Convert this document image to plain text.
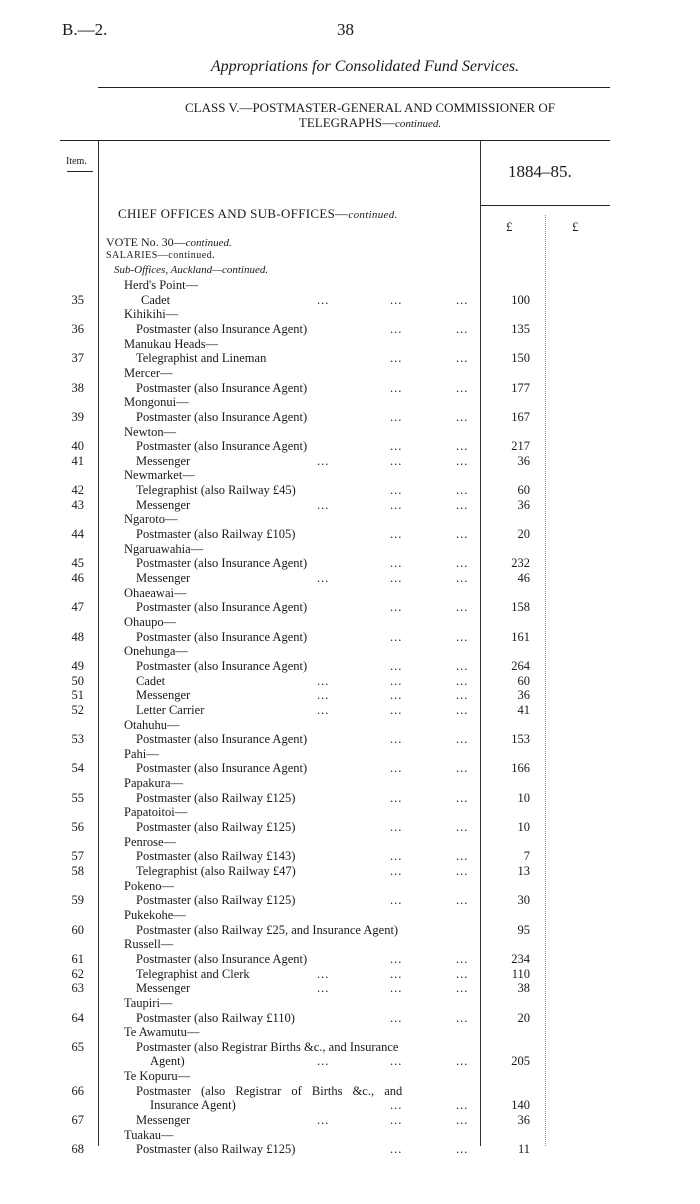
B.—2.	38
Appropriations for Consolidated Fund Services.
CLASS V.—POSTMASTER-GENERAL AND COMMISSIONER OF
TELEGRAPHS—continued.
Item.
1884–85.
£	£
CHIEF OFFICES AND SUB-OFFICES—continued.
VOTE No. 30—continued.
SALARIES—continued.
Sub-Offices, Auckland—continued.
Herd's Point—
35	Cadet	...	...	...	100
Kihikihi—
36	Postmaster (also Insurance Agent)	...	...	135
Manukau Heads—
37	Telegraphist and Lineman	...	...	150
Mercer—
38	Postmaster (also Insurance Agent)	...	...	177
Mongonui—
39	Postmaster (also Insurance Agent)	...	...	167
Newton—
40	Postmaster (also Insurance Agent)	...	...	217
41	Messenger	...	...	...	36
Newmarket—
42	Telegraphist (also Railway £45)	...	...	60
43	Messenger	...	...	...	36
Ngaroto—
44	Postmaster (also Railway £105)	...	...	20
Ngaruawahia—
45	Postmaster (also Insurance Agent)	...	...	232
46	Messenger	...	...	...	46
Ohaeawai—
47	Postmaster (also Insurance Agent)	...	...	158
Ohaupo—
48	Postmaster (also Insurance Agent)	...	...	161
Onehunga—
49	Postmaster (also Insurance Agent)	...	...	264
50	Cadet	...	...	...	60
51	Messenger	...	...	...	36
52	Letter Carrier	...	...	...	41
Otahuhu—
53	Postmaster (also Insurance Agent)	...	...	153
Pahi—
54	Postmaster (also Insurance Agent)	...	...	166
Papakura—
55	Postmaster (also Railway £125)	...	...	10
Papatoitoi—
56	Postmaster (also Railway £125)	...	...	10
Penrose—
57	Postmaster (also Railway £143)	...	...	7
58	Telegraphist (also Railway £47)	...	...	13
Pokeno—
59	Postmaster (also Railway £125)	...	...	30
Pukekohe—
60	Postmaster (also Railway £25, and Insurance Agent)	95
Russell—
61	Postmaster (also Insurance Agent)	...	...	234
62	Telegraphist and Clerk	...	...	...	110
63	Messenger	...	...	...	38
Taupiri—
64	Postmaster (also Railway £110)	...	...	20
Te Awamutu—
65	Postmaster (also Registrar Births &c., and Insurance
Agent)	...	...	...	205
Te Kopuru—
66	Postmaster (also Registrar of Births &c., and
Insurance Agent)	...	...	140
67	Messenger	...	...	...	36
Tuakau—
68	Postmaster (also Railway £125)	...	...	11
